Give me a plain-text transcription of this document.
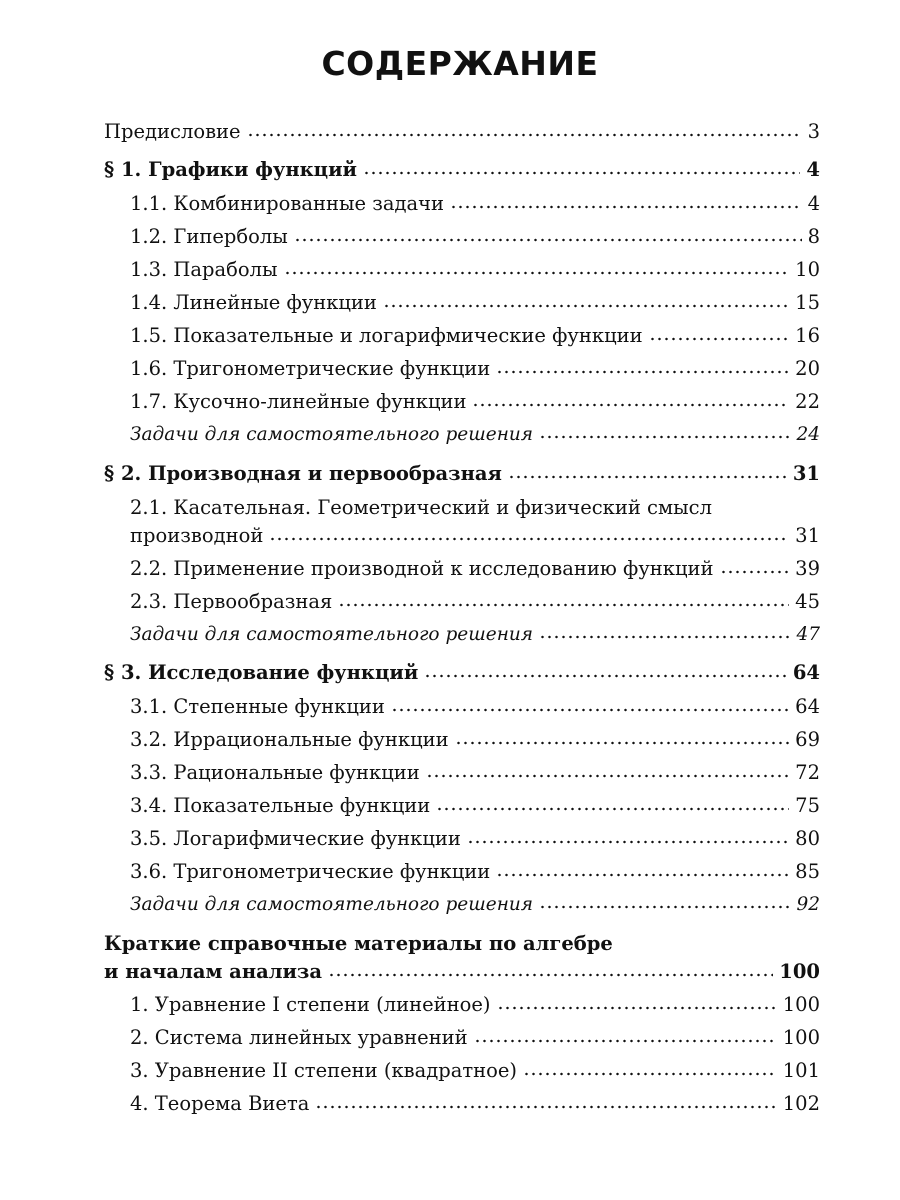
СОДЕРЖАНИЕ
Предисловие	3
§ 1. Графики функций	4
1.1. Комбинированные задачи	4
1.2. Гиперболы	8
1.3. Параболы	10
1.4. Линейные функции	15
1.5. Показательные и логарифмические функции	16
1.6. Тригонометрические функции	20
1.7. Кусочно-линейные функции	22
Задачи для самостоятельного решения	24
§ 2. Производная и первообразная	31
2.1. Касательная. Геометрический и физический смысл
производной	31
2.2. Применение производной к исследованию функций	39
2.3. Первообразная	45
Задачи для самостоятельного решения	47
§ 3. Исследование функций	64
3.1. Степенные функции	64
3.2. Иррациональные функции	69
3.3. Рациональные функции	72
3.4. Показательные функции	75
3.5. Логарифмические функции	80
3.6. Тригонометрические функции	85
Задачи для самостоятельного решения	92
Краткие справочные материалы по алгебре
и началам анализа	100
1. Уравнение I степени (линейное)	100
2. Система линейных уравнений	100
3. Уравнение II степени (квадратное)	101
4. Теорема Виета	102
